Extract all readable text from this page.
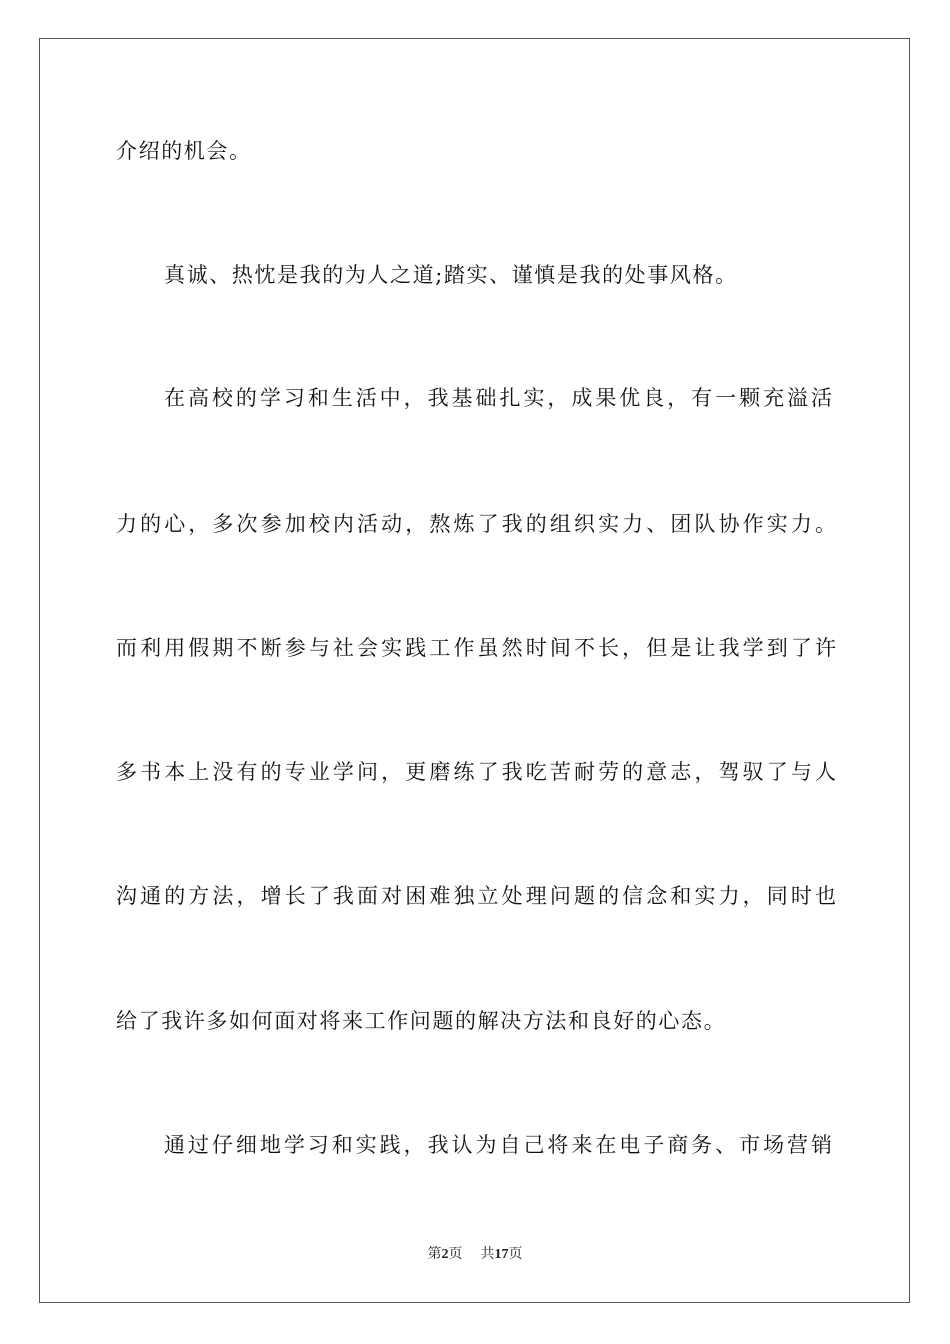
介绍的机会。
真诚、热忱是我的为人之道;踏实、谨慎是我的处事风格。
在高校的学习和生活中，我基础扎实，成果优良，有一颗充溢活
力的心，多次参加校内活动，熬炼了我的组织实力、团队协作实力。
而利用假期不断参与社会实践工作虽然时间不长，但是让我学到了许
多书本上没有的专业学问，更磨练了我吃苦耐劳的意志，驾驭了与人
沟通的方法，增长了我面对困难独立处理问题的信念和实力，同时也
给了我许多如何面对将来工作问题的解决方法和良好的心态。
通过仔细地学习和实践，我认为自己将来在电子商务、市场营销
第2页 共17页
